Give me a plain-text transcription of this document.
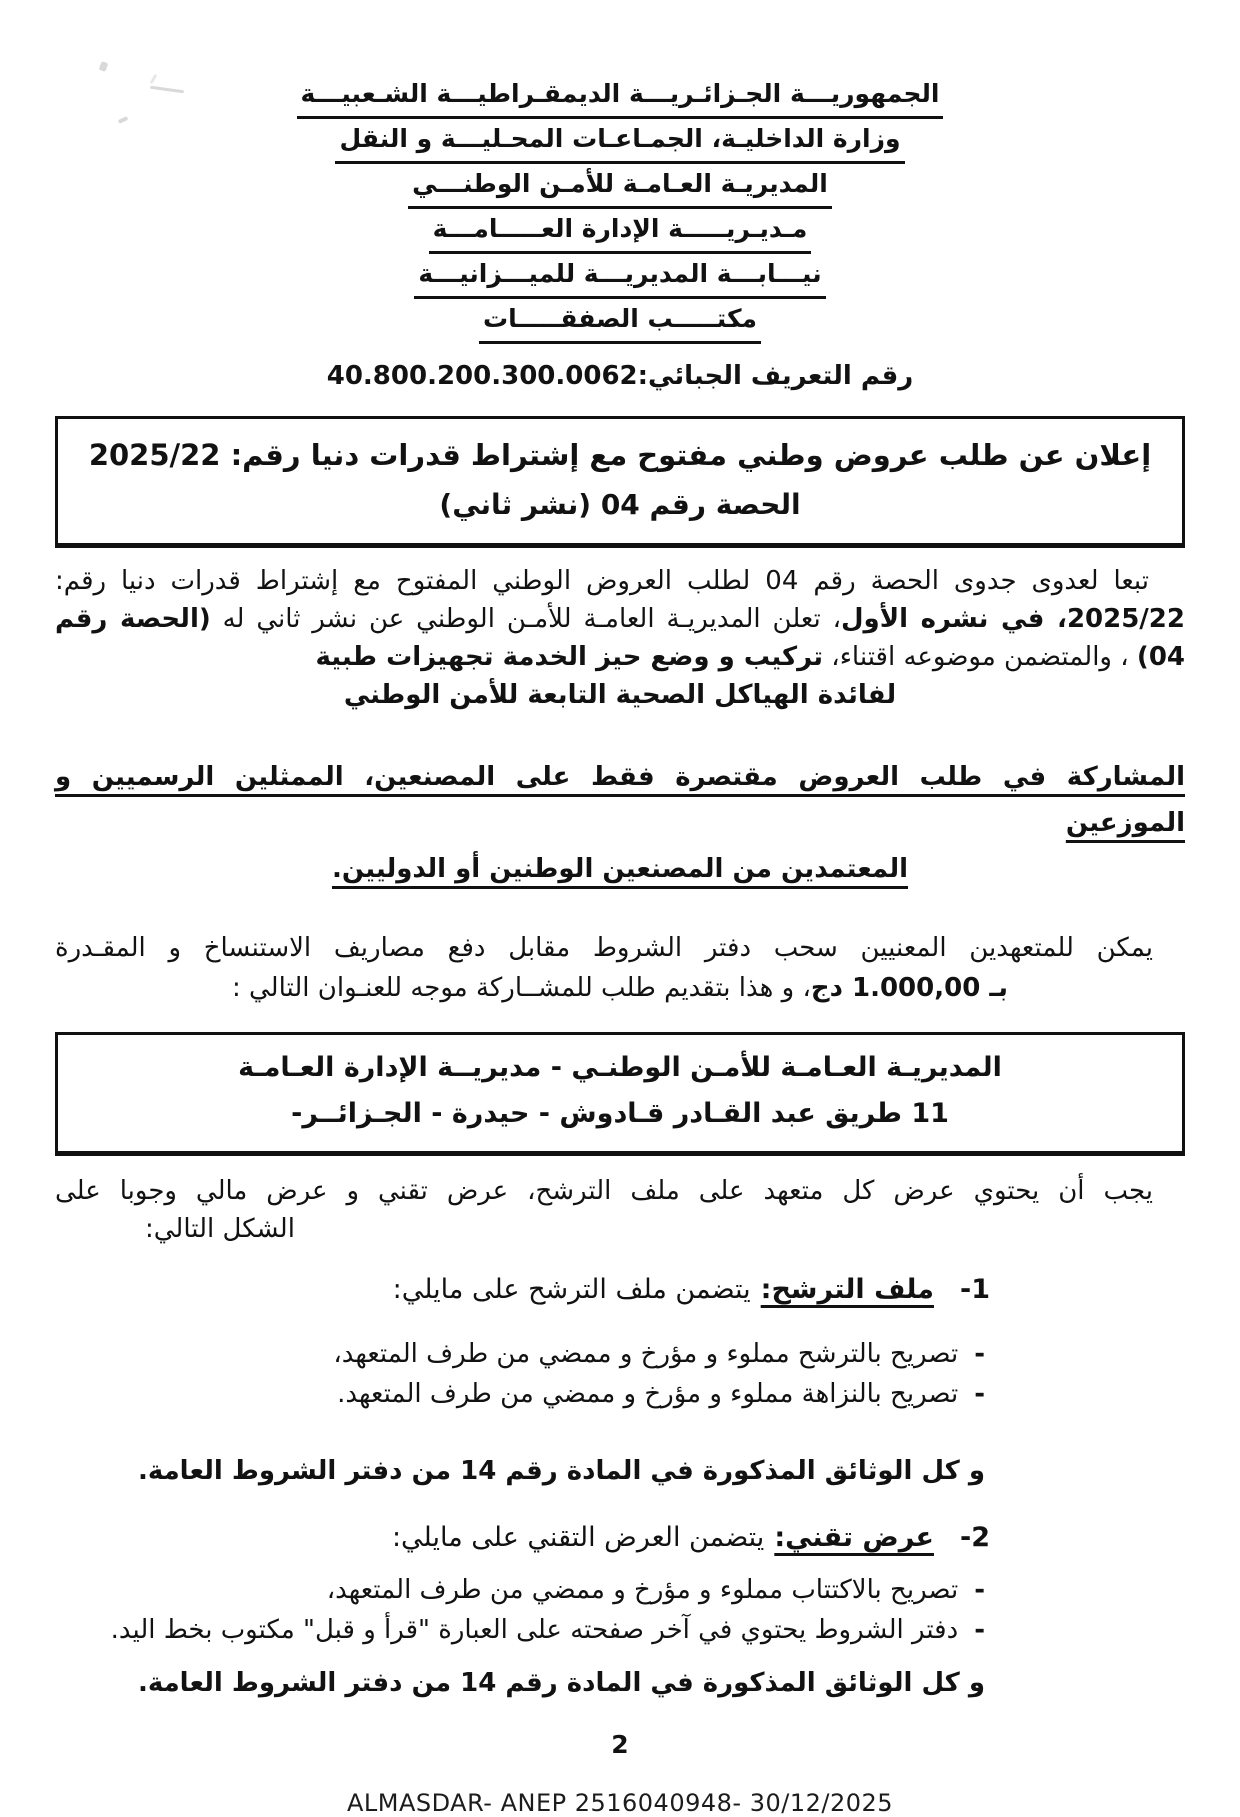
الجمهوريـــة الجـزائـريـــة الديمقـراطيـــة الشـعبيـــة
وزارة الداخليـة، الجمـاعـات المحـليـــة و النقل
المديريـة العـامـة للأمـن الوطنـــي
مـديـريـــــة الإدارة العـــــامـــة
نيـــابـــة المديريـــة للميـــزانيـــة
مكتـــــب الصفقـــــات
رقم التعريف الجبائي:40.800.200.300.0062
إعلان عن طلب عروض وطني مفتوح مع إشتراط قدرات دنيا رقم: 2025/22
الحصة رقم 04 (نشر ثاني)
تبعا لعدوى جدوى الحصة رقم 04 لطلب العروض الوطني المفتوح مع إشتراط قدرات دنيا رقم: 2025/22، في نشره الأول، تعلن المديريـة العامـة للأمـن الوطني عن نشر ثاني له (الحصة رقم 04) ، والمتضمن موضوعه اقتناء، تركيب و وضع حيز الخدمة تجهيزات طبية
لفائدة الهياكل الصحية التابعة للأمن الوطني
المشاركة في طلب العروض مقتصرة فقط على المصنعين، الممثلين الرسميين و الموزعين
المعتمدين من المصنعين الوطنين أو الدوليين.
يمكن للمتعهدين المعنيين سحب دفتر الشروط مقابل دفع مصاريف الاستنساخ و المقـدرة
بـ 1.000,00 دج، و هذا بتقديم طلب للمشــاركة موجه للعنـوان التالي :
المديريـة العـامـة للأمـن الوطنـي - مديريــة الإدارة العـامـة
11 طريق عبد القـادر قـادوش - حيدرة - الجـزائــر-
يجب أن يحتوي عرض كل متعهد على ملف الترشح، عرض تقني و عرض مالي وجوبا على
الشكل التالي:
1-ملف الترشح:يتضمن ملف الترشح على مايلي:
- تصريح بالترشح مملوء و مؤرخ و ممضي من طرف المتعهد،
- تصريح بالنزاهة مملوء و مؤرخ و ممضي من طرف المتعهد.
و كل الوثائق المذكورة في المادة رقم 14 من دفتر الشروط العامة.
2-عرض تقني:يتضمن العرض التقني على مايلي:
- تصريح بالاكتتاب مملوء و مؤرخ و ممضي من طرف المتعهد،
- دفتر الشروط يحتوي في آخر صفحته على العبارة "قرأ و قبل" مكتوب بخط اليد.
و كل الوثائق المذكورة في المادة رقم 14 من دفتر الشروط العامة.
2
ALMASDAR- ANEP 2516040948- 30/12/2025
